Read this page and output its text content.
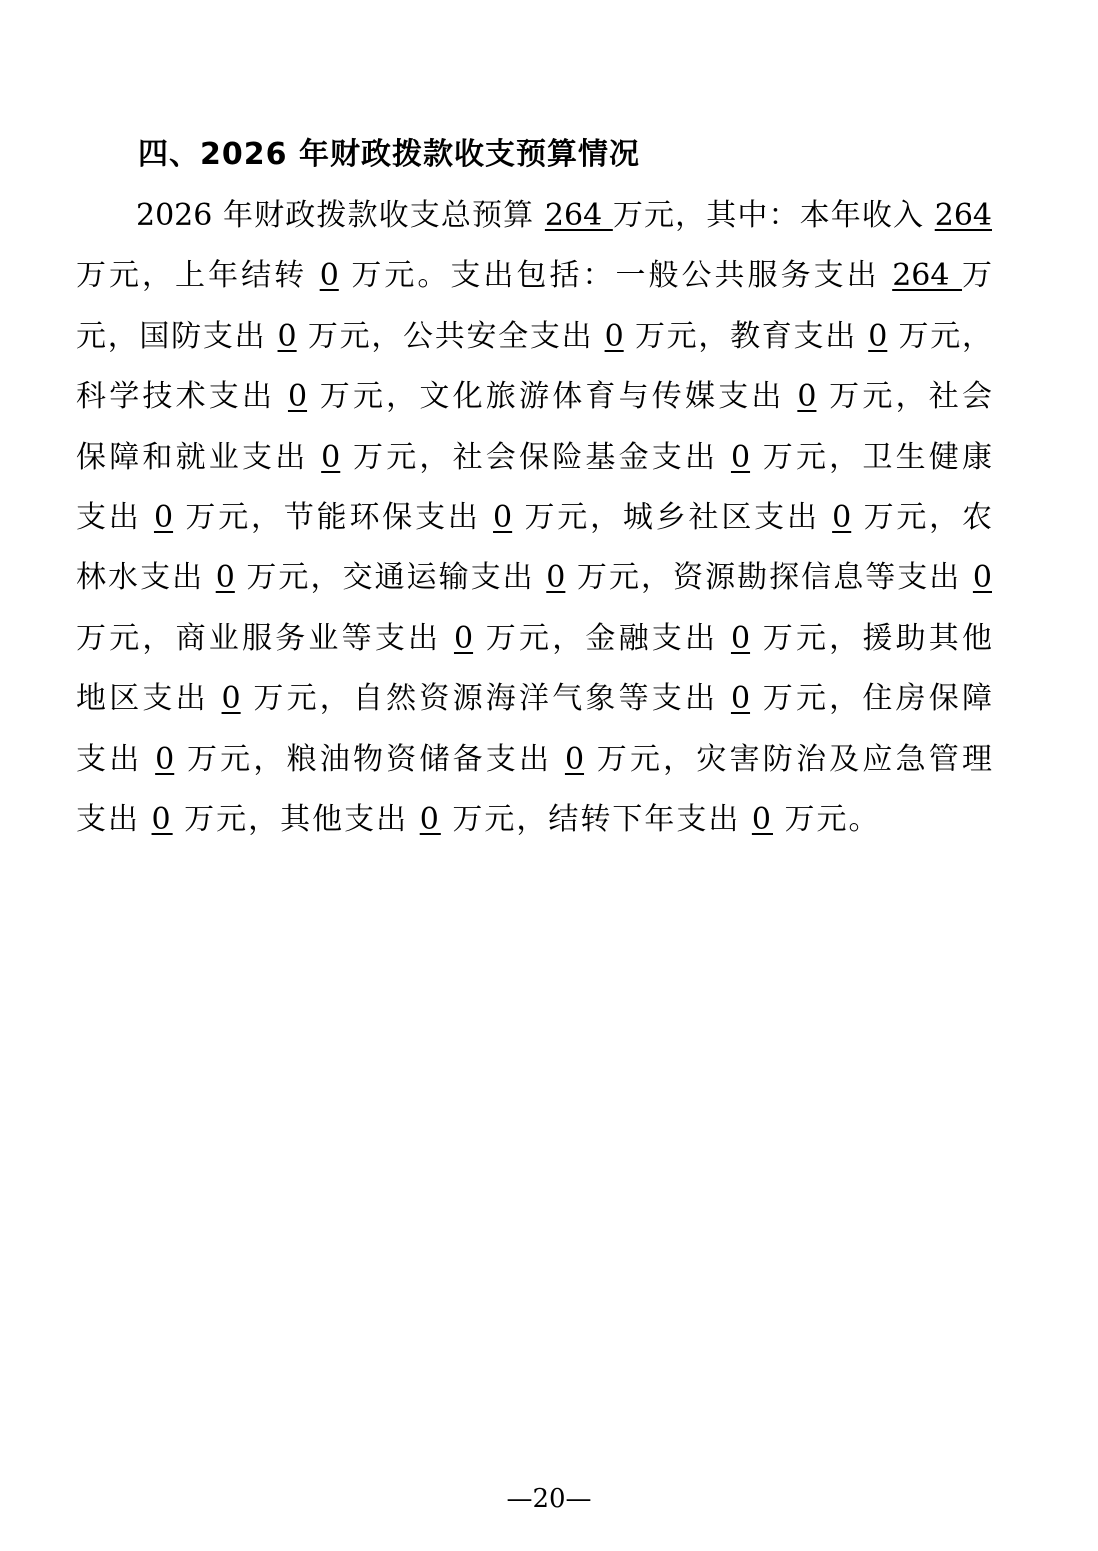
四、2026 年财政拨款收支预算情况
2026 年财政拨款收支总预算 264 万元，其中：本年收入 264
万元，上年结转 0 万元。支出包括：一般公共服务支出 264 万
元，国防支出 0 万元，公共安全支出 0 万元，教育支出 0 万元，
科学技术支出 0 万元，文化旅游体育与传媒支出 0 万元，社会
保障和就业支出 0 万元，社会保险基金支出 0 万元，卫生健康
支出 0 万元，节能环保支出 0 万元，城乡社区支出 0 万元，农
林水支出 0 万元，交通运输支出 0 万元，资源勘探信息等支出 0
万元，商业服务业等支出 0 万元，金融支出 0 万元，援助其他
地区支出 0 万元，自然资源海洋气象等支出 0 万元，住房保障
支出 0 万元，粮油物资储备支出 0 万元，灾害防治及应急管理
支出 0 万元，其他支出 0 万元，结转下年支出 0 万元。
—20—
